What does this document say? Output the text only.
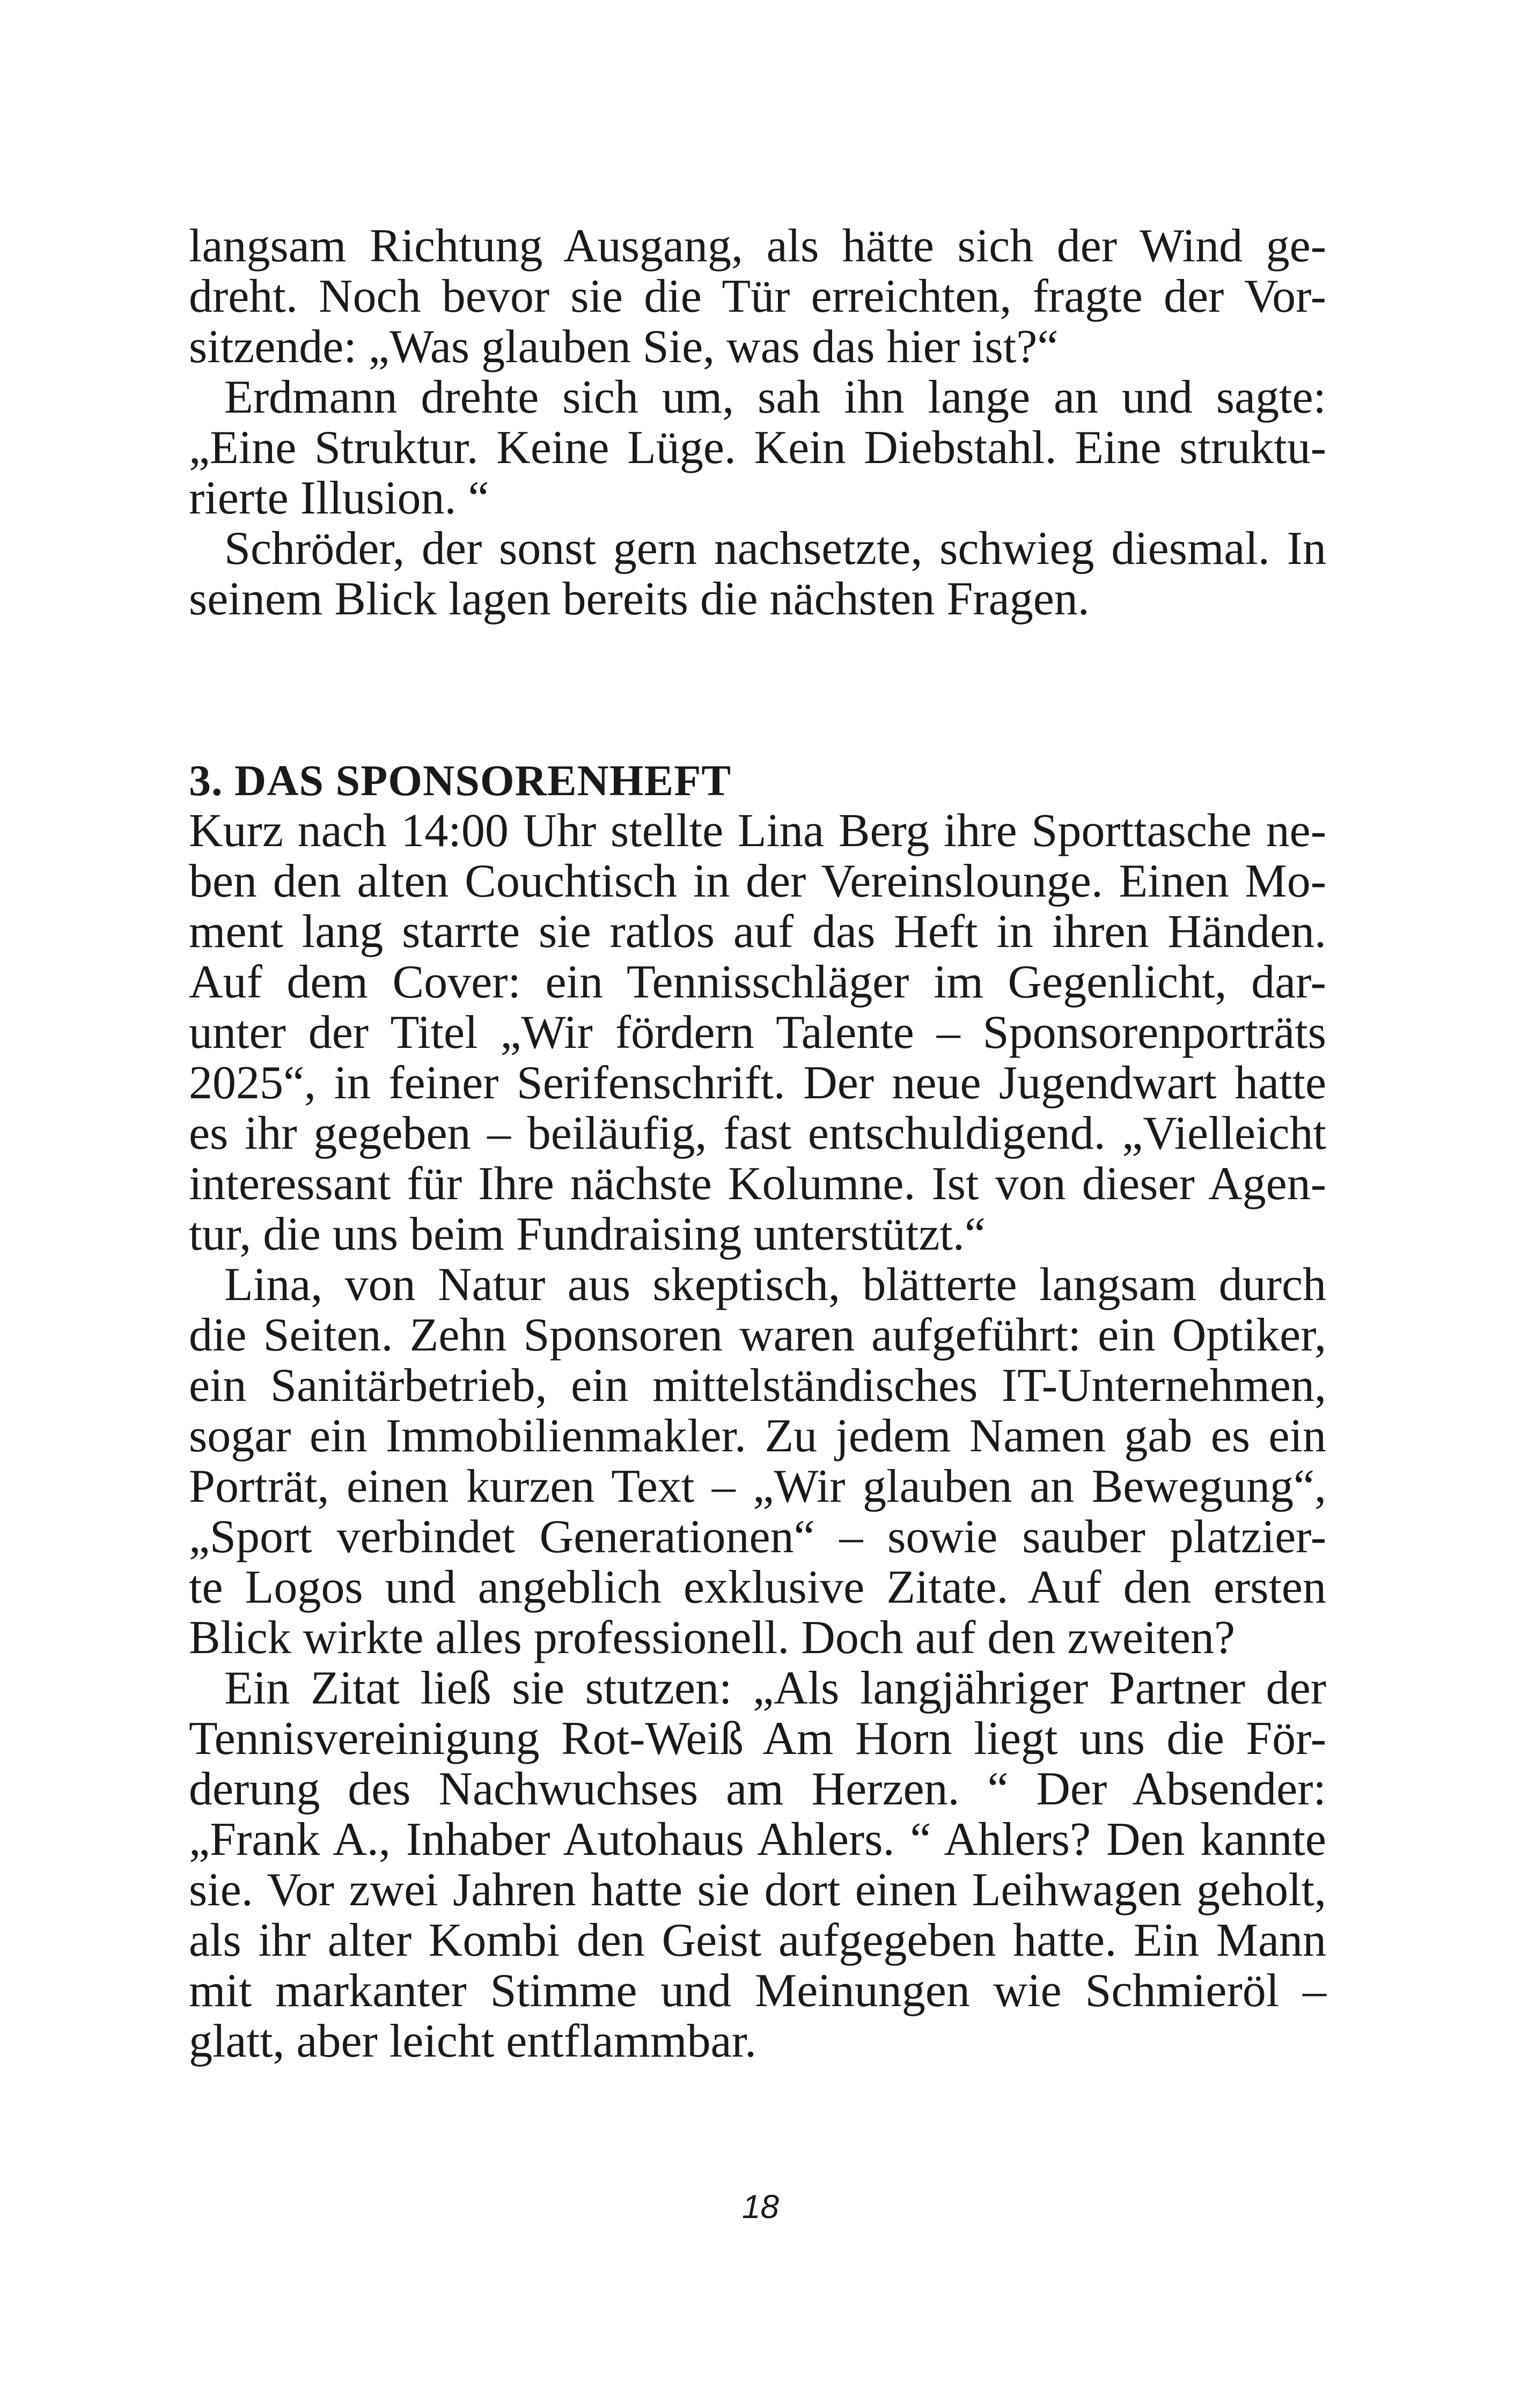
langsam Richtung Ausgang, als hätte sich der Wind ge-
dreht. Noch bevor sie die Tür erreichten, fragte der Vor-
sitzende: „Was glauben Sie, was das hier ist?“
Erdmann drehte sich um, sah ihn lange an und sagte:
„Eine Struktur. Keine Lüge. Kein Diebstahl. Eine struktu-
rierte Illusion. “
Schröder, der sonst gern nachsetzte, schwieg diesmal. In
seinem Blick lagen bereits die nächsten Fragen.
3. DAS SPONSORENHEFT
Kurz nach 14:00 Uhr stellte Lina Berg ihre Sporttasche ne-
ben den alten Couchtisch in der Vereinslounge. Einen Mo-
ment lang starrte sie ratlos auf das Heft in ihren Händen.
Auf dem Cover: ein Tennisschläger im Gegenlicht, dar-
unter der Titel „Wir fördern Talente – Sponsorenporträts
2025“, in feiner Serifenschrift. Der neue Jugendwart hatte
es ihr gegeben – beiläufig, fast entschuldigend. „Vielleicht
interessant für Ihre nächste Kolumne. Ist von dieser Agen-
tur, die uns beim Fundraising unterstützt.“
Lina, von Natur aus skeptisch, blätterte langsam durch
die Seiten. Zehn Sponsoren waren aufgeführt: ein Optiker,
ein Sanitärbetrieb, ein mittelständisches IT-Unternehmen,
sogar ein Immobilienmakler. Zu jedem Namen gab es ein
Porträt, einen kurzen Text – „Wir glauben an Bewegung“,
„Sport verbindet Generationen“ – sowie sauber platzier-
te Logos und angeblich exklusive Zitate. Auf den ersten
Blick wirkte alles professionell. Doch auf den zweiten?
Ein Zitat ließ sie stutzen: „Als langjähriger Partner der
Tennisvereinigung Rot-Weiß Am Horn liegt uns die För-
derung des Nachwuchses am Herzen. “ Der Absender:
„Frank A., Inhaber Autohaus Ahlers. “ Ahlers? Den kannte
sie. Vor zwei Jahren hatte sie dort einen Leihwagen geholt,
als ihr alter Kombi den Geist aufgegeben hatte. Ein Mann
mit markanter Stimme und Meinungen wie Schmieröl –
glatt, aber leicht entflammbar.
18
